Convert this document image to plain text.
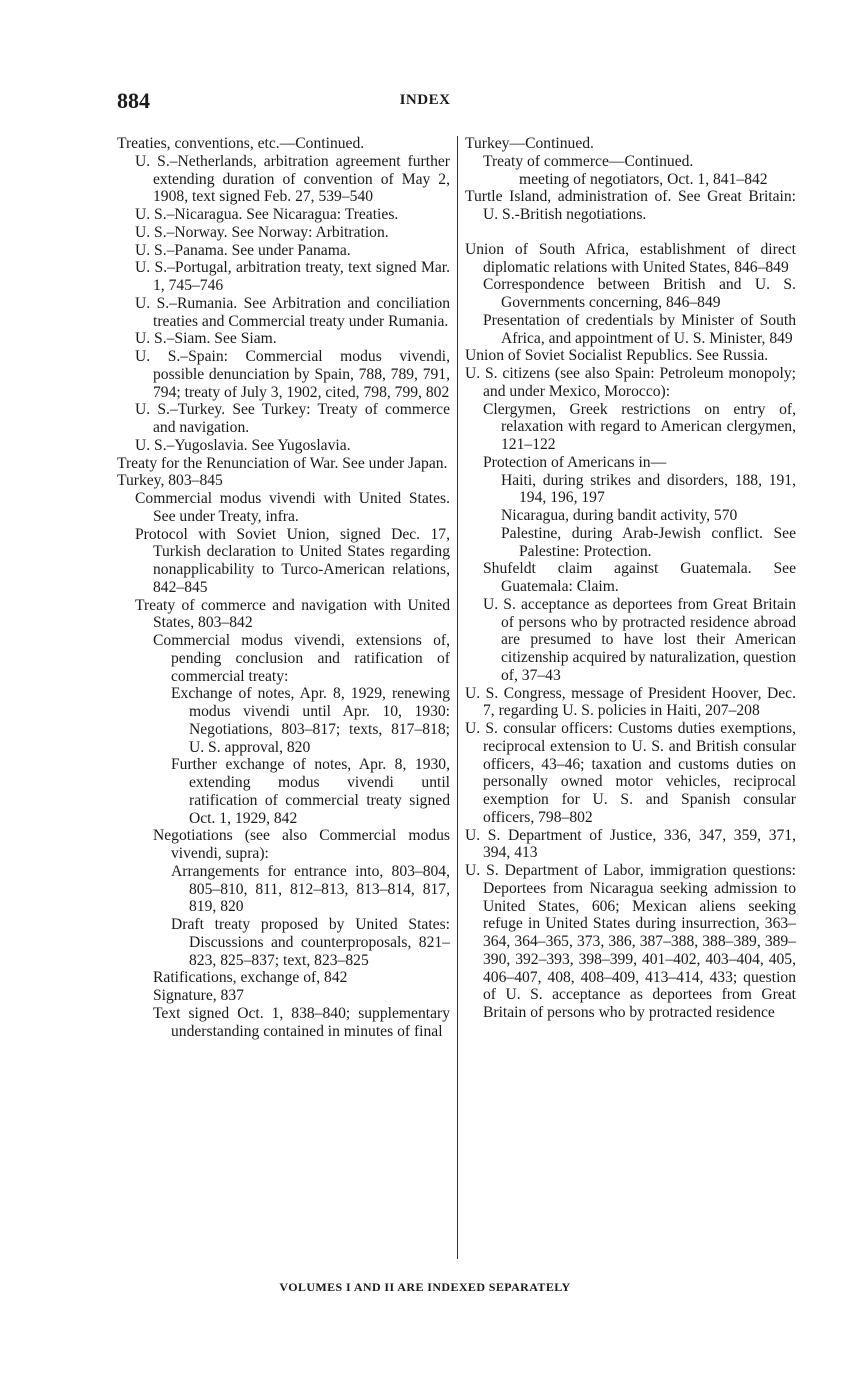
884	INDEX

Treaties, conventions, etc.—Continued.

U. S.–Netherlands, arbitration agreement further extending duration of convention of May 2, 1908, text signed Feb. 27, 539–540

U. S.–Nicaragua. See Nicaragua: Treaties.

U. S.–Norway. See Norway: Arbitration.

U. S.–Panama. See under Panama.

U. S.–Portugal, arbitration treaty, text signed Mar. 1, 745–746

U. S.–Rumania. See Arbitration and conciliation treaties and Commercial treaty under Rumania.

U. S.–Siam. See Siam.

U. S.–Spain: Commercial modus vivendi, possible denunciation by Spain, 788, 789, 791, 794; treaty of July 3, 1902, cited, 798, 799, 802

U. S.–Turkey. See Turkey: Treaty of commerce and navigation.

U. S.–Yugoslavia. See Yugoslavia.

Treaty for the Renunciation of War. See under Japan.

Turkey, 803–845

Commercial modus vivendi with United States. See under Treaty, infra.

Protocol with Soviet Union, signed Dec. 17, Turkish declaration to United States regarding nonapplicability to Turco-American relations, 842–845

Treaty of commerce and navigation with United States, 803–842

Commercial modus vivendi, extensions of, pending conclusion and ratification of commercial treaty:

Exchange of notes, Apr. 8, 1929, renewing modus vivendi until Apr. 10, 1930: Negotiations, 803–817; texts, 817–818; U. S. approval, 820

Further exchange of notes, Apr. 8, 1930, extending modus vivendi until ratification of commercial treaty signed Oct. 1, 1929, 842

Negotiations (see also Commercial modus vivendi, supra):

Arrangements for entrance into, 803–804, 805–810, 811, 812–813, 813–814, 817, 819, 820

Draft treaty proposed by United States: Discussions and counterproposals, 821–823, 825–837; text, 823–825

Ratifications, exchange of, 842

Signature, 837

Text signed Oct. 1, 838–840; supplementary understanding contained in minutes of final

Turkey—Continued.

Treaty of commerce—Continued.

meeting of negotiators, Oct. 1, 841–842

Turtle Island, administration of. See Great Britain: U. S.-British negotiations.

Union of South Africa, establishment of direct diplomatic relations with United States, 846–849

Correspondence between British and U. S. Governments concerning, 846–849

Presentation of credentials by Minister of South Africa, and appointment of U. S. Minister, 849

Union of Soviet Socialist Republics. See Russia.

U. S. citizens (see also Spain: Petroleum monopoly; and under Mexico, Morocco):

Clergymen, Greek restrictions on entry of, relaxation with regard to American clergymen, 121–122

Protection of Americans in—

Haiti, during strikes and disorders, 188, 191, 194, 196, 197

Nicaragua, during bandit activity, 570

Palestine, during Arab-Jewish conflict. See Palestine: Protection.

Shufeldt claim against Guatemala. See Guatemala: Claim.

U. S. acceptance as deportees from Great Britain of persons who by protracted residence abroad are presumed to have lost their American citizenship acquired by naturalization, question of, 37–43

U. S. Congress, message of President Hoover, Dec. 7, regarding U. S. policies in Haiti, 207–208

U. S. consular officers: Customs duties exemptions, reciprocal extension to U. S. and British consular officers, 43–46; taxation and customs duties on personally owned motor vehicles, reciprocal exemption for U. S. and Spanish consular officers, 798–802

U. S. Department of Justice, 336, 347, 359, 371, 394, 413

U. S. Department of Labor, immigration questions: Deportees from Nicaragua seeking admission to United States, 606; Mexican aliens seeking refuge in United States during insurrection, 363–364, 364–365, 373, 386, 387–388, 388–389, 389–390, 392–393, 398–399, 401–402, 403–404, 405, 406–407, 408, 408–409, 413–414, 433; question of U. S. acceptance as deportees from Great Britain of persons who by protracted residence

VOLUMES I AND II ARE INDEXED SEPARATELY
